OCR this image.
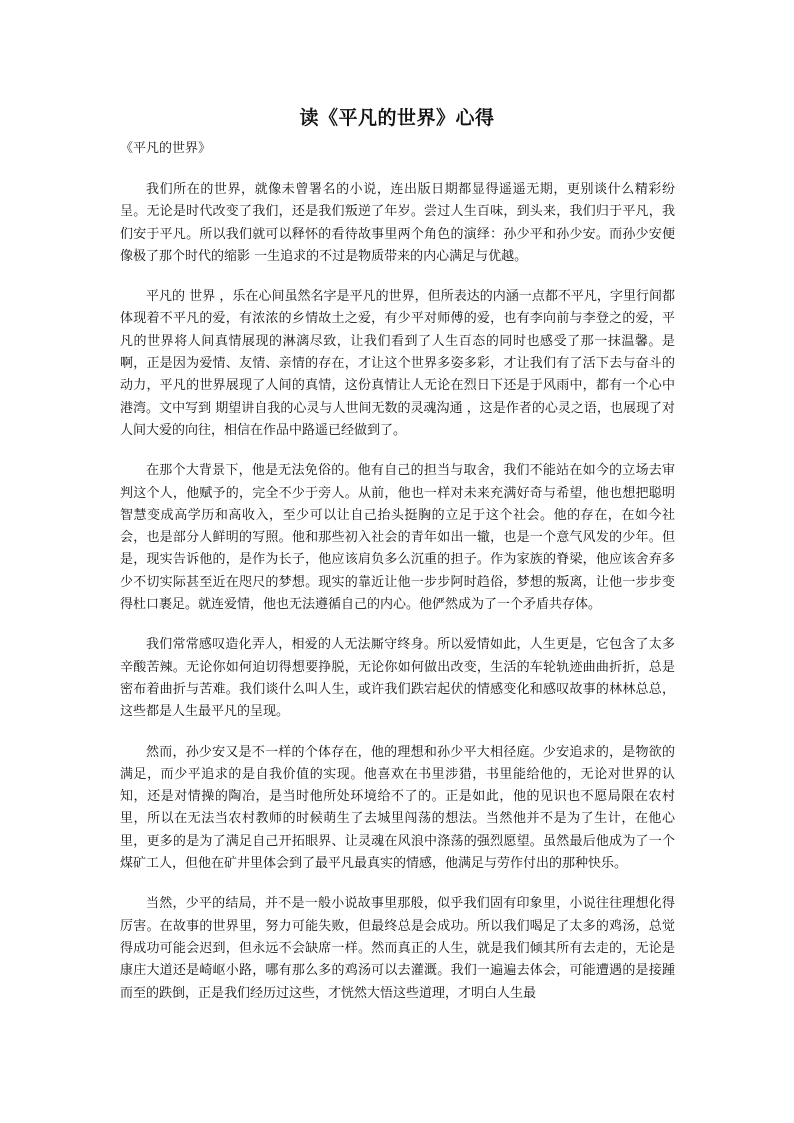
读《平凡的世界》心得
《平凡的世界》

我们所在的世界，就像未曾署名的小说，连出版日期都显得遥遥无期，更别谈什么精彩纷呈。无论是时代改变了我们，还是我们叛逆了年岁。尝过人生百味，到头来，我们归于平凡，我们安于平凡。所以我们就可以释怀的看待故事里两个角色的演绎：孙少平和孙少安。而孙少安便像极了那个时代的缩影 一生追求的不过是物质带来的内心满足与优越。

平凡的 世界 ，乐在心间虽然名字是平凡的世界，但所表达的内涵一点都不平凡，字里行间都体现着不平凡的爱，有浓浓的乡情故土之爱，有少平对师傅的爱，也有李向前与李登之的爱，平凡的世界将人间真情展现的淋漓尽致，让我们看到了人生百态的同时也感受了那一抹温馨。是啊，正是因为爱情、友情、亲情的存在，才让这个世界多姿多彩，才让我们有了活下去与奋斗的动力，平凡的世界展现了人间的真情，这份真情让人无论在烈日下还是于风雨中，都有一个心中港湾。文中写到 期望讲自我的心灵与人世间无数的灵魂沟通 ，这是作者的心灵之语，也展现了对人间大爱的向往，相信在作品中路遥已经做到了。

在那个大背景下，他是无法免俗的。他有自己的担当与取舍，我们不能站在如今的立场去审判这个人，他赋予的，完全不少于旁人。从前，他也一样对未来充满好奇与希望，他也想把聪明智慧变成高学历和高收入，至少可以让自己抬头挺胸的立足于这个社会。他的存在，在如今社会，也是部分人鲜明的写照。他和那些初入社会的青年如出一辙，也是一个意气风发的少年。但是，现实告诉他的，是作为长子，他应该肩负多么沉重的担子。作为家族的脊梁，他应该舍弃多少不切实际甚至近在咫尺的梦想。现实的靠近让他一步步阿时趋俗，梦想的叛离，让他一步步变得杜口裹足。就连爱情，他也无法遵循自己的内心。他俨然成为了一个矛盾共存体。

我们常常感叹造化弄人，相爱的人无法厮守终身。所以爱情如此，人生更是，它包含了太多辛酸苦辣。无论你如何迫切得想要挣脱，无论你如何做出改变，生活的车轮轨迹曲曲折折，总是密布着曲折与苦难。我们谈什么叫人生，或许我们跌宕起伏的情感变化和感叹故事的林林总总，这些都是人生最平凡的呈现。

然而，孙少安又是不一样的个体存在，他的理想和孙少平大相径庭。少安追求的，是物欲的满足，而少平追求的是自我价值的实现。他喜欢在书里涉猎，书里能给他的，无论对世界的认知，还是对情操的陶冶，是当时他所处环境给不了的。正是如此，他的见识也不愿局限在农村里，所以在无法当农村教师的时候萌生了去城里闯荡的想法。当然他并不是为了生计，在他心里，更多的是为了满足自己开拓眼界、让灵魂在风浪中涤荡的强烈愿望。虽然最后他成为了一个煤矿工人，但他在矿井里体会到了最平凡最真实的情感，他满足与劳作付出的那种快乐。

当然，少平的结局，并不是一般小说故事里那般，似乎我们固有印象里，小说往往理想化得厉害。在故事的世界里，努力可能失败，但最终总是会成功。所以我们喝足了太多的鸡汤，总觉得成功可能会迟到，但永远不会缺席一样。然而真正的人生，就是我们倾其所有去走的，无论是康庄大道还是崎岖小路，哪有那么多的鸡汤可以去灌溉。我们一遍遍去体会，可能遭遇的是接踵而至的跌倒，正是我们经历过这些，才恍然大悟这些道理，才明白人生最
